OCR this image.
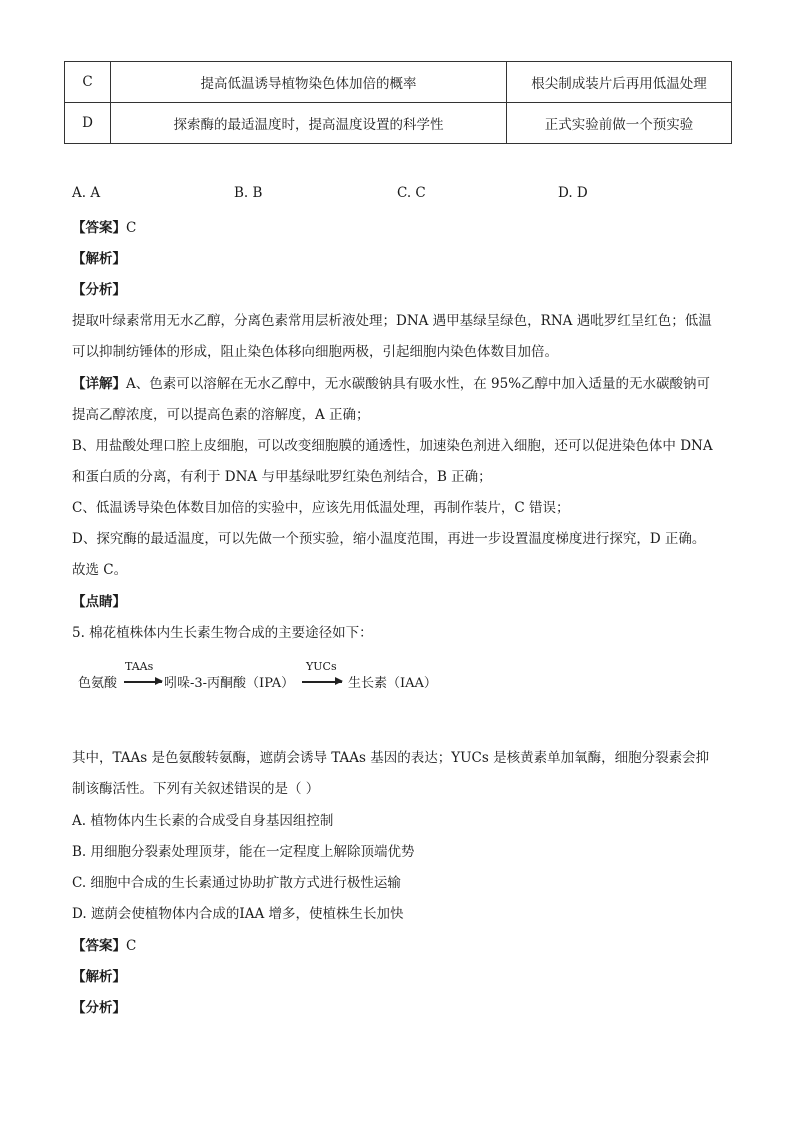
C	提高低温诱导植物染色体加倍的概率	根尖制成装片后再用低温处理
D	探索酶的最适温度时，提高温度设置的科学性	正式实验前做一个预实验
A. A	B. B	C. C	D. D
【答案】C
【解析】
【分析】
提取叶绿素常用无水乙醇，分离色素常用层析液处理；DNA 遇甲基绿呈绿色，RNA 遇吡罗红呈红色；低温
可以抑制纺锤体的形成，阻止染色体移向细胞两极，引起细胞内染色体数目加倍。
【详解】A、色素可以溶解在无水乙醇中，无水碳酸钠具有吸水性，在 95%乙醇中加入适量的无水碳酸钠可
提高乙醇浓度，可以提高色素的溶解度，A 正确；
B、用盐酸处理口腔上皮细胞，可以改变细胞膜的通透性，加速染色剂进入细胞，还可以促进染色体中 DNA
和蛋白质的分离，有利于 DNA 与甲基绿吡罗红染色剂结合，B 正确；
C、低温诱导染色体数目加倍的实验中，应该先用低温处理，再制作装片，C 错误；
D、探究酶的最适温度，可以先做一个预实验，缩小温度范围，再进一步设置温度梯度进行探究，D 正确。
故选 C。
【点睛】
5. 棉花植株体内生长素生物合成的主要途径如下：
色氨酸
TAAs
吲哚-3-丙酮酸（IPA）
YUCs
生长素（IAA）
其中，TAAs 是色氨酸转氨酶，遮荫会诱导 TAAs 基因的表达；YUCs 是核黄素单加氧酶，细胞分裂素会抑
制该酶活性。下列有关叙述错误的是（ ）
A. 植物体内生长素的合成受自身基因组控制
B. 用细胞分裂素处理顶芽，能在一定程度上解除顶端优势
C. 细胞中合成的生长素通过协助扩散方式进行极性运输
D. 遮荫会使植物体内合成的IAA 增多，使植株生长加快
【答案】C
【解析】
【分析】
